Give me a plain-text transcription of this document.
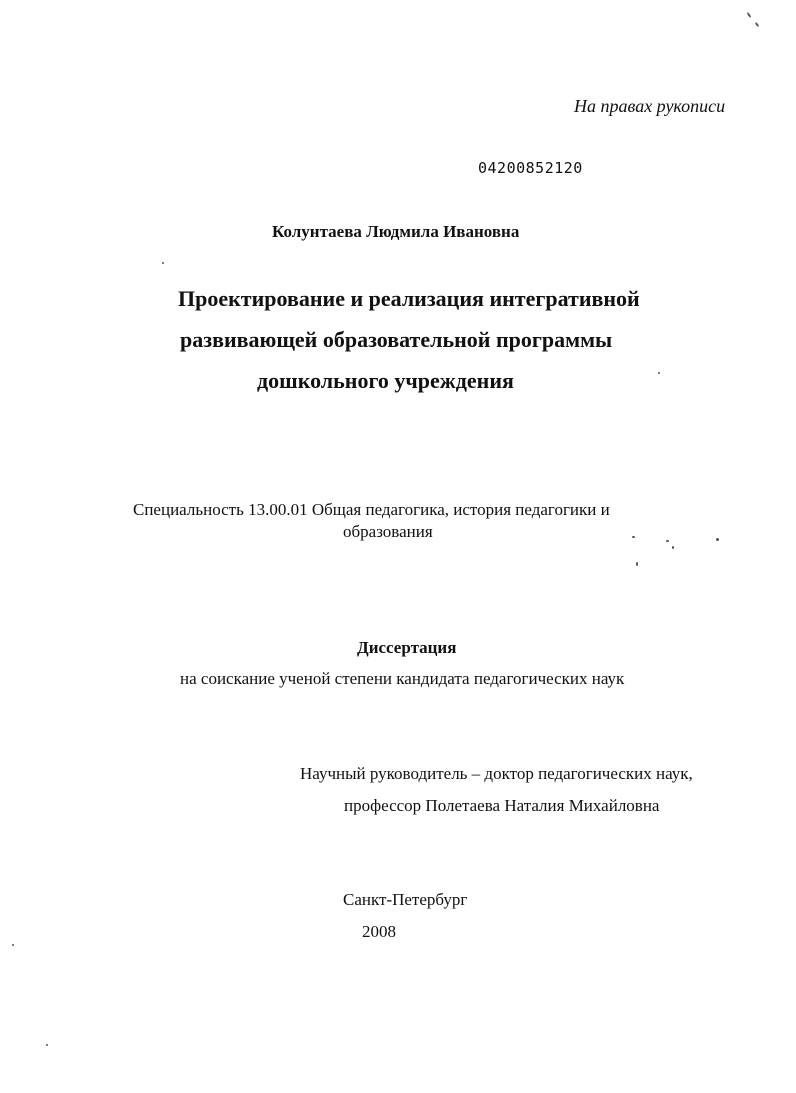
На правах рукописи
04200852120
Колунтаева Людмила Ивановна
Проектирование и реализация интегративной
развивающей образовательной программы
дошкольного учреждения
Специальность 13.00.01 Общая педагогика, история педагогики и
образования
Диссертация
на соискание ученой степени кандидата педагогических наук
Научный руководитель – доктор педагогических наук,
профессор Полетаева Наталия Михайловна
Санкт-Петербург
2008
